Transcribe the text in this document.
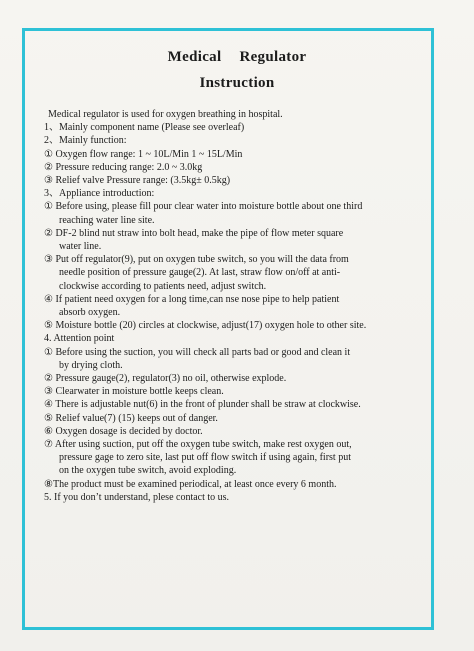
Medical Regulator
Instruction
Medical regulator is used for oxygen breathing in hospital.
1、Mainly component name (Please see overleaf)
2、Mainly function:
① Oxygen flow range: 1 ~ 10L/Min 1 ~ 15L/Min
② Pressure reducing range: 2.0 ~ 3.0kg
③ Relief valve Pressure range: (3.5kg± 0.5kg)
3、Appliance introduction:
① Before using, please fill pour clear water into moisture bottle about one third
reaching water line site.
② DF-2 blind nut straw into bolt head, make the pipe of flow meter square
water line.
③ Put off regulator(9), put on oxygen tube switch, so you will the data from
needle position of pressure gauge(2). At last, straw flow on/off at anti-
clockwise according to patients need, adjust switch.
④ If patient need oxygen for a long time,can nse nose pipe to help patient
absorb oxygen.
⑤ Moisture bottle (20) circles at clockwise, adjust(17) oxygen hole to other site.
4. Attention point
① Before using the suction, you will check all parts bad or good and clean it
by drying cloth.
② Pressure gauge(2), regulator(3) no oil, otherwise explode.
③ Clearwater in moisture bottle keeps clean.
④ There is adjustable nut(6) in the front of plunder shall be straw at clockwise.
⑤ Relief value(7) (15) keeps out of danger.
⑥ Oxygen dosage is decided by doctor.
⑦ After using suction, put off the oxygen tube switch, make rest oxygen out,
pressure gage to zero site, last put off flow switch if using again, first put
on the oxygen tube switch, avoid exploding.
⑧The product must be examined periodical, at least once every 6 month.
5. If you don’t understand, plese contact to us.
